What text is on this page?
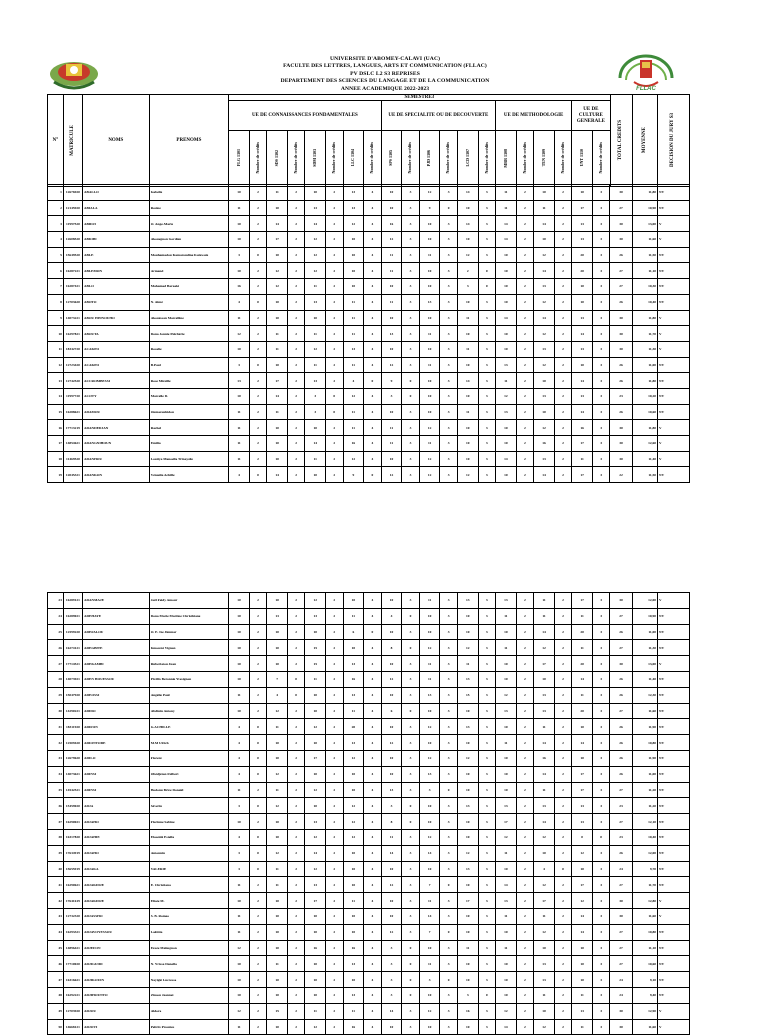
FLLAC
UNIVERSITE D'ABOMEY-CALAVI (UAC)
FACULTE DES LETTRES, LANGUES, ARTS ET COMMUNICATION (FLLAC)
PV DSLC L2 S3 REPRISES
DEPARTEMENT DES SCIENCES DU LANGAGE ET DE LA COMMUNICATION
ANNEE ACADEMIQUE 2022-2023
N°	MATRICULE	NOMS	PRENOMS	SEMESTRE3																				TOTAL CREDITS	MOYENNE	DECISION DU JURY S3
				UE DE CONNAISSANCES FONDAMENTALES								UE DE SPECIALITE OU DE DECOUVERTE						UE DE METHODOLOGIE				UE DE CULTURE GENERALE				
				FLG 1301	Nombre de crédits	SDS 1302	Nombre de crédits	SDM 1303	Nombre de crédits	LLC 1304	Nombre de crédits	SPS 1305	Nombre de crédits	PJD 1306	Nombre de crédits	LCD 1307	Nombre de crédits	MRR 1308	Nombre de crédits	TEN 1309	Nombre de crédits	UNT 1310	Nombre de crédits			
1	12676920	ABALLO	Isabelle	10	2	11	2	10	2	13	4	10	3	12	3	14	3	11	2	10	2	10	3	30	11,80	NV
2	12145920	ABIALA	Rosine	11	2	10	2	13	2	13	4	10	3	9	0	10	3	11	2	11	2	17	3	27	10,90	NV
3	11997520	ABIDJI	O. Ange-Marie	10	2	14	2	14	2	12	4	16	3	10	3	14	3	14	2	14	2	13	3	30	13,00	V
4	12608520	ABIOBI	Akouegnon Gordien	10	2	17	2	12	2	10	4	12	3	10	3	10	3	14	2	10	2	13	3	30	11,60	V
5	15649520	ABLE	Mouhamadou Kamaroudine Kolawole	3	0	10	2	12	2	10	4	11	3	11	3	12	3	10	2	12	2	20	3	26	11,50	NV
6	16287221	ABLEMON	Armand	10	2	12	2	12	2	10	4	11	3	10	3	2	0	10	2	14	2	20	3	27	11,10	NV
7	16287421	ABLO	Mahamad Baraaki	16	2	12	2	11	2	10	4	10	3	10	3	3	0	10	2	13	2	10	3	27	10,30	NV
8	12703620	ABOTO	N. Aimé	4	0	10	2	13	2	11	4	11	3	13	3	10	3	10	2	12	2	10	3	26	10,40	NV
9	14073221	ABOU HINNOUHO	Akouéssan Marcelline	11	2	10	2	10	2	11	4	10	3	10	3	11	3	14	2	14	2	13	3	30	11,80	V
10	16297821	ABOUTA	Dona Jonnie Pulchérie	12	2	11	2	11	2	11	4	13	3	11	3	10	3	10	2	12	2	14	3	30	11,70	V
11	18342720	ACAKPO	Rosalie	10	2	11	2	12	2	13	4	10	3	10	3	11	3	10	2	13	2	13	3	30	11,30	V
12	12723420	ACAKPO	B.Paul	3	0	10	2	11	2	11	4	12	3	11	3	10	3	13	2	12	2	10	3	26	11,00	NV
13	12742520	ACCROMBESSI	Rose Mireille	13	2	17	2	13	2	4	0	9	0	10	3	14	3	11	2	10	2	14	3	26	11,80	NV
14	11997720	ACOTY	Marcelle D.	10	2	14	2	3	0	12	4	3	0	10	3	10	3	12	2	13	2	13	3	23	10,20	NV
15	16288621	ADAMOU	Oumarouhidou	11	2	11	2	3	0	11	4	10	3	10	3	11	3	13	2	10	2	14	3	26	10,60	NV
16	17713219	ADANDEDJAN	Rachel	11	2	10	2	10	2	11	4	11	3	12	3	10	3	10	2	12	2	16	3	30	11,80	V
17	14854621	ADANGNIHOUN	Emilia	11	2	10	2	14	2	16	4	11	3	11	3	10	3	10	2	16	2	17	3	30	12,60	V
18	11469520	ADANHOU	Loutiya Manoella Trinaysile	11	2	10	2	11	2	12	4	10	3	12	3	10	3	14	2	13	2	11	3	30	11,40	V
19	12045321	ADANKON	Vénudia Achille	4	0	14	2	10	2	9	0	12	3	12	3	12	3	10	2	14	2	17	3	22	11,50	NV
23	16289121	ADANMAJE	Joël Feidy Amour	10	2	10	2	12	2	10	4	10	3	11	3	13	3	13	2	11	2	17	3	30	12,00	V
24	16289021	ADEHAYE	Dona Marie Martine Christhiane	10	2	13	2	13	2	11	4	4	0	10	3	10	3	11	2	11	2	11	3	27	10,90	NV
25	12599220	ADEFALOU	O. E. Ize Jimmar	10	2	10	2	10	2	6	0	10	3	10	3	10	3	10	2	14	2	20	3	26	11,00	NV
26	16274121	ADEGBITE	Innocent Vignon	10	2	10	2	15	2	10	4	8	0	12	3	12	3	11	2	12	2	11	3	27	11,30	NV
27	17714521	ADEKAMBI	Ruberiatou Juan	10	2	10	2	15	2	13	4	10	3	11	3	11	3	10	2	17	2	20	3	30	13,00	V
28	14073921	ADEN HOUESSOU	Pivdlis Beronnie Yvesignon	10	2	7	0	11	2	16	4	12	3	11	3	13	3	10	2	10	2	14	3	26	11,40	NV
29	15047920	ADEOSSI	Angélie Paul	11	2	4	0	10	2	13	4	10	3	13	3	15	3	12	2	13	2	11	3	26	12,30	NV
30	14290221	ADIDO	Abdinin Antony	10	2	12	2	10	2	11	4	6	0	10	3	10	3	13	2	13	2	20	3	27	11,60	NV
31	18311920	ADIFON	G.ACHILLE	4	0	11	2	12	2	20	4	10	3	12	3	13	3	10	2	11	2	10	3	26	11,90	NV
32	12509420	ADIONTODE	M.M Ulrich	4	0	10	2	10	2	13	4	12	3	10	3	10	3	11	2	14	2	14	3	26	10,80	NV
33	12679620	ADILO	Florent	4	0	10	2	17	2	12	4	10	3	12	3	12	3	10	2	16	2	10	3	26	11,90	NV
34	14073621	ADINSI	Obédjéton Fulbert	4	0	12	2	10	2	10	4	10	3	13	3	10	3	10	2	14	2	17	3	26	11,00	NV
35	14542521	ADINSI	Hodonu Brice Donald	11	2	11	2	12	2	10	4	13	3	3	0	10	3	10	2	11	2	17	3	27	11,20	NV
36	15459020	ADJA	Séverin	3	0	12	2	10	2	12	4	3	0	10	3	13	3	13	2	13	2	13	3	23	11,20	NV
37	16290021	ADJAHO	Florinne Sabine	10	2	10	2	13	2	12	4	8	0	10	3	10	3	17	2	14	2	13	3	27	12,10	NV
38	16317820	ADJAHIE	Eloseidé Estella	4	0	10	2	12	2	12	4	11	3	12	3	10	3	12	2	12	2	0	0	23	10,40	NV
39	17634919	ADJAHO	Antonnin	3	0	12	2	14	2	10	4	14	3	14	3	12	3	11	2	10	2	12	3	26	12,00	NV
40	15655919	ADJAKA	VALERIE	3	0	11	2	12	2	10	4	10	3	10	3	13	3	10	2	4	0	10	3	24	9,70	NV
41	16290621	ADJAKIDJE	E. Christiana	11	2	11	2	13	2	10	4	12	3	7	0	10	3	14	2	12	2	17	3	27	11,70	NV
42	17641619	ADJAKIDJE	Elisée M.	10	2	10	2	17	2	11	4	10	3	11	3	17	3	13	2	17	2	12	3	30	12,80	V
43	12732320	ADJASSHO	S. B. Romeo	11	2	10	2	10	2	10	4	10	3	14	3	10	3	11	2	11	2	14	3	30	11,60	V
44	16293321	ADJAVOYESSOU	Laëtitia	11	2	10	2	10	2	10	4	12	3	7	0	10	3	10	2	12	2	14	3	27	10,80	NV
45	14896421	ADJEFON	Ezoze Mahugnon	12	2	10	2	16	2	16	4	3	0	10	3	11	3	11	2	10	2	10	3	27	11,10	NV
46	17710020	ADJIGUIDI	N. Yrissa Danella	10	2	11	2	10	2	13	4	3	0	11	3	10	3	10	2	13	2	10	3	27	10,60	NV
47	16316621	ADJIKOUIN	Nayiglé Lucressa	10	2	10	2	10	2	10	4	3	0	3	0	10	3	10	2	13	2	10	3	24	9,10	NV
48	16292221	ADJIHOUNTO	Zinsou Jeannet	10	2	10	2	10	2	13	4	3	0	10	3	3	0	10	2	11	2	11	3	24	9,40	NV
49	12703920	ADJOU	Aldora	12	2	15	2	11	2	11	4	14	3	12	3	16	3	12	2	10	2	13	3	30	12,90	V
50	14668121	ADJOVI	Peltrix Prosnies	11	2	10	2	12	2	16	4	10	3	10	3	10	3	14	2	12	2	11	3	30	11,60	V
